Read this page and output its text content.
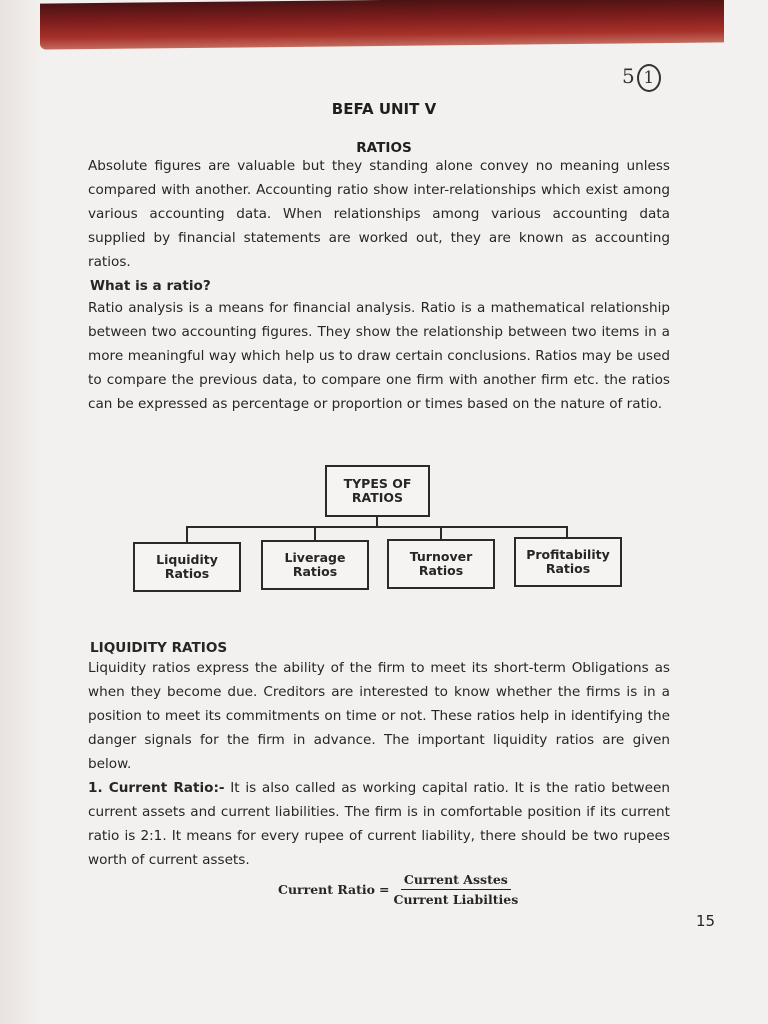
5 1
BEFA UNIT V
RATIOS

Absolute figures are valuable but they standing alone convey no meaning unless compared with another. Accounting ratio show inter-relationships which exist among various accounting data. When relationships among various accounting data supplied by financial statements are worked out, they are known as accounting ratios.

What is a ratio?

Ratio analysis is a means for financial analysis. Ratio is a mathematical relationship between two accounting figures. They show the relationship between two items in a more meaningful way which help us to draw certain conclusions. Ratios may be used to compare the previous data, to compare one firm with another firm etc. the ratios can be expressed as percentage or proportion or times based on the nature of ratio.

TYPES OF
RATIOS
Liquidity
Ratios
Liverage
Ratios
Turnover
Ratios
Profitability
Ratios

LIQUIDITY RATIOS

Liquidity ratios express the ability of the firm to meet its short-term Obligations as when they become due. Creditors are interested to know whether the firms is in a position to meet its commitments on time or not. These ratios help in identifying the danger signals for the firm in advance. The important liquidity ratios are given below.

1. Current Ratio:- It is also called as working capital ratio. It is the ratio between current assets and current liabilities. The firm is in comfortable position if its current ratio is 2:1. It means for every rupee of current liability, there should be two rupees worth of current assets.

Current Ratio = $\frac{\text{Current Asstes}}{\text{Current Liabilties}}$
15
